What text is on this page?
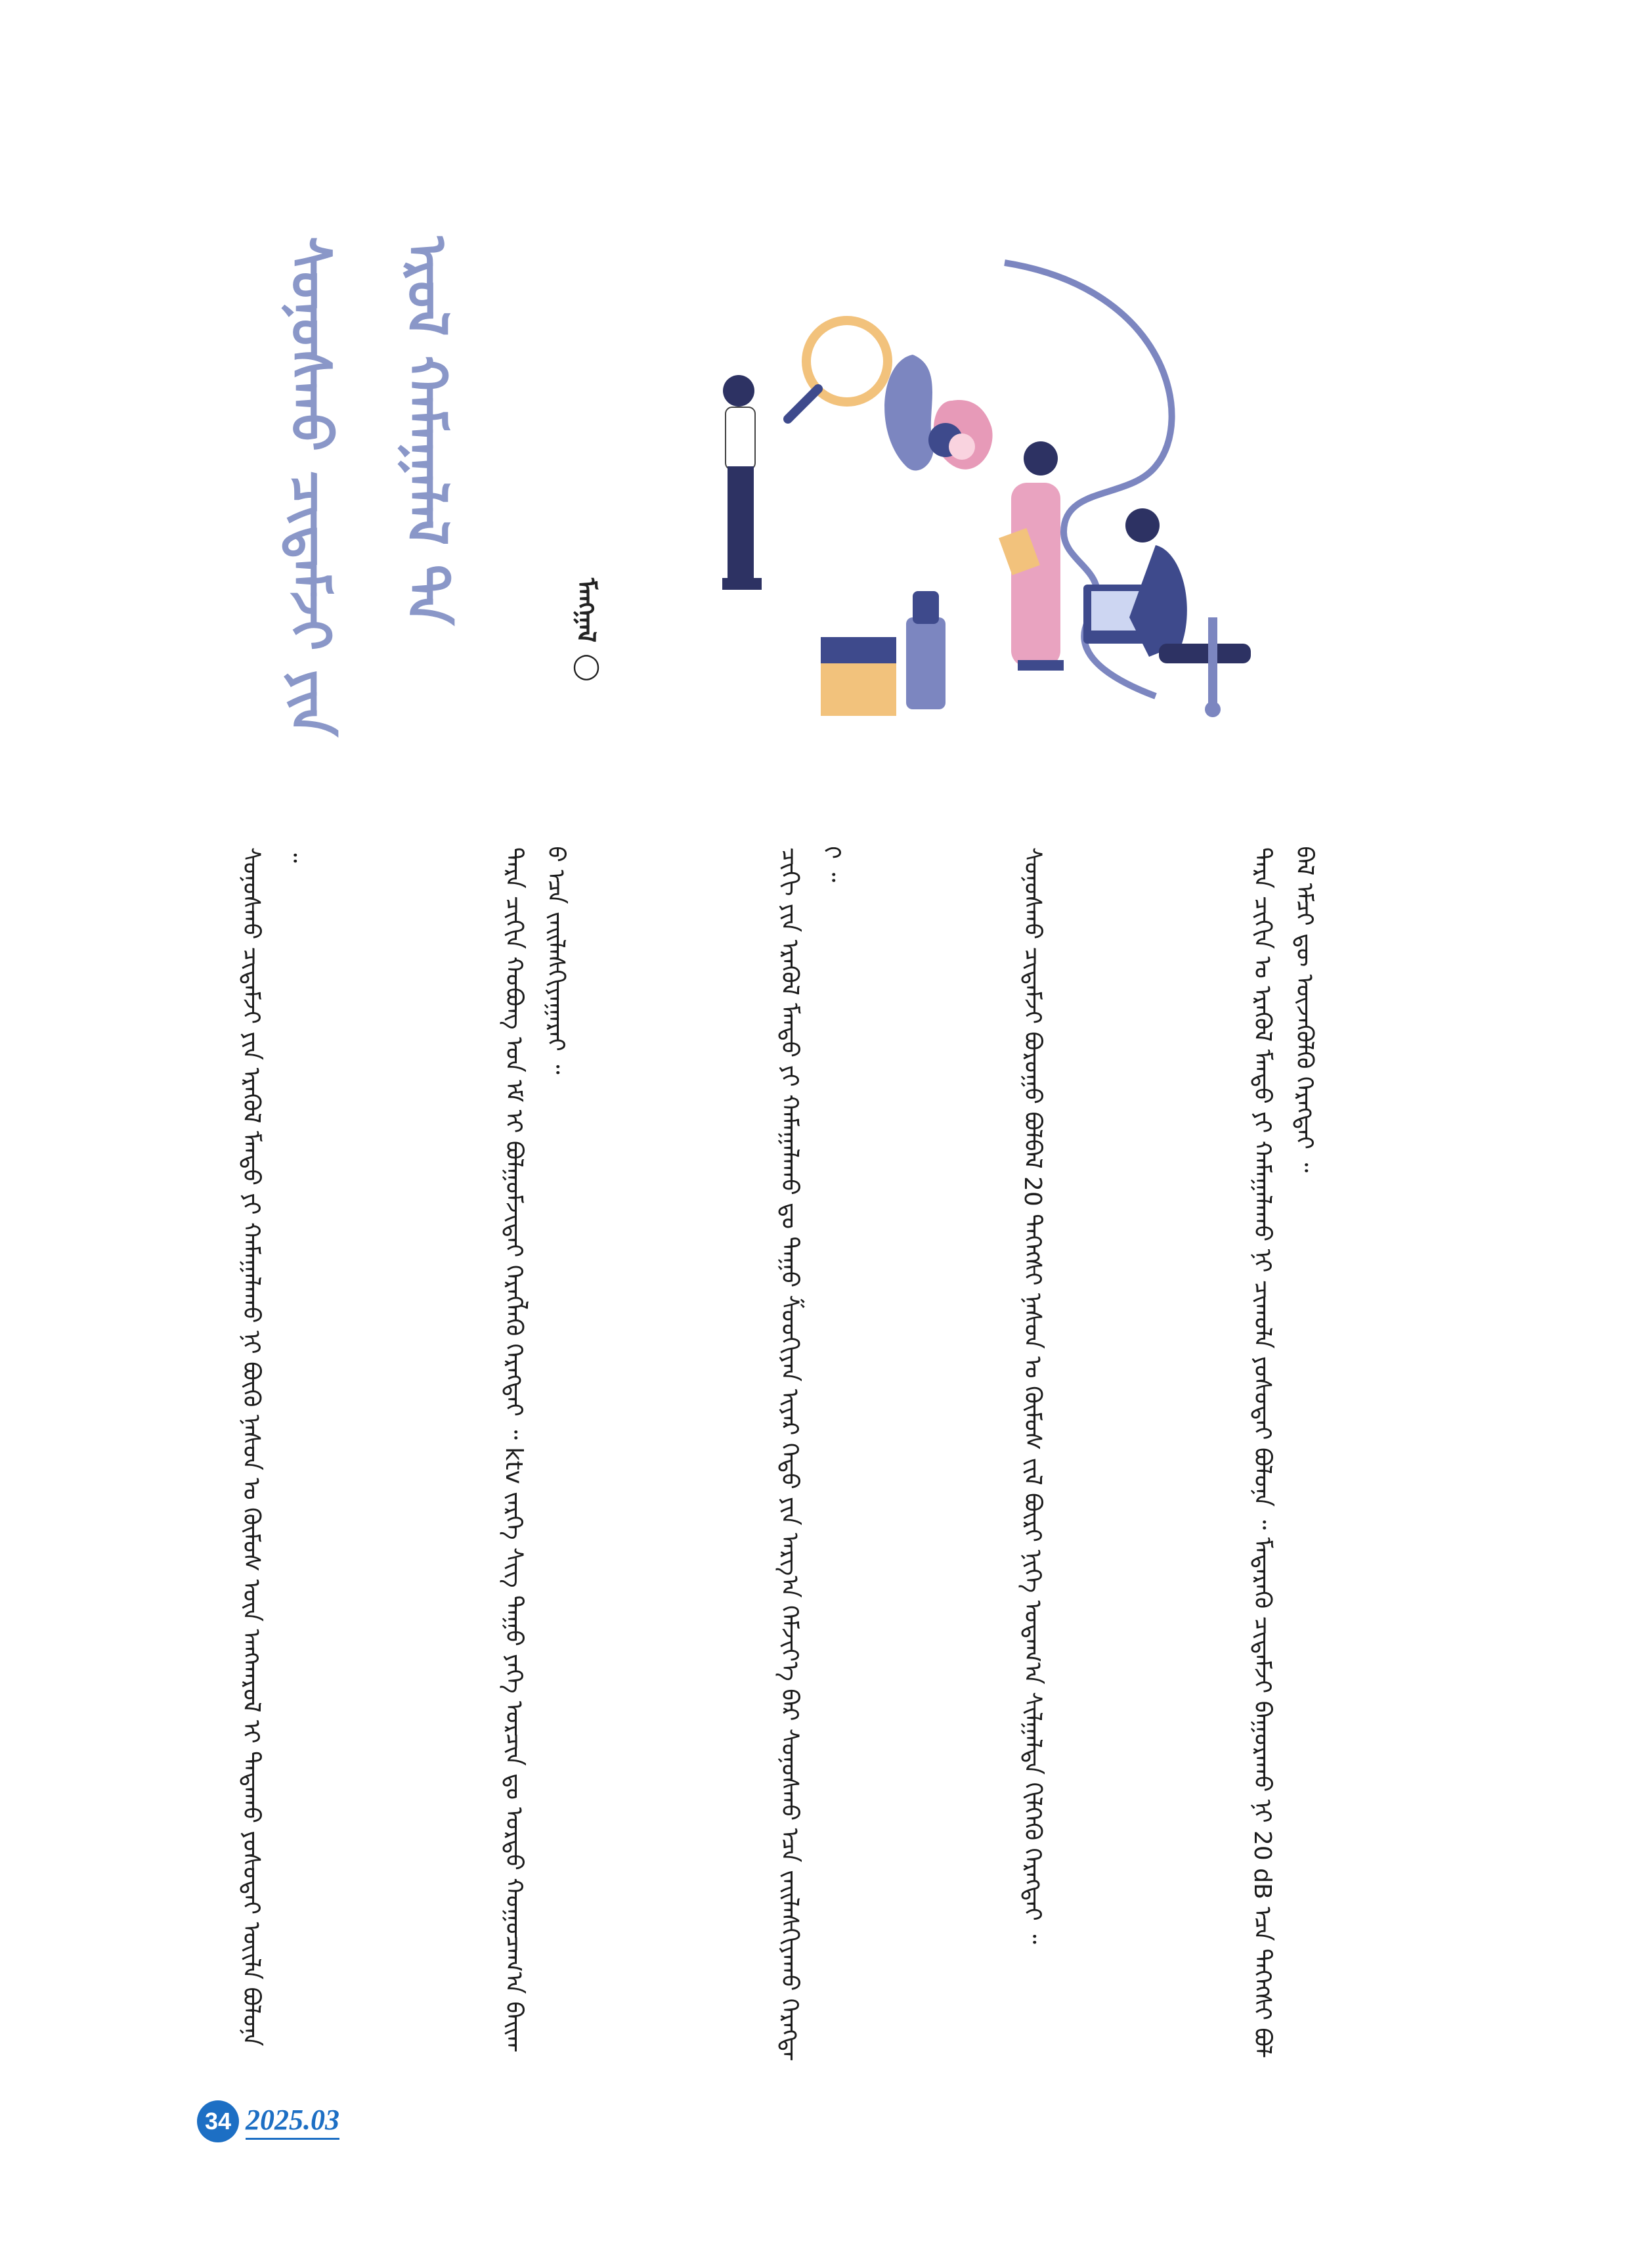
ᠰᠣᠨᠣᠰᠬᠤ ᠴᠢᠳᠠᠮᠵᠢ ᠶᠢᠨ ᠡᠷᠦᠯ ᠬᠠᠮᠠᠭᠠᠯᠠᠯ ᠲᠠ
ᠮᠠᠩᠭᠠᠯ ◯
ᠲᠡᠷᠡ ᠴᠢᠬᠢᠨ ᠤ ᠡᠷᠡᠭᠦᠯ ᠮᠡᠨᠳᠦ ᠶᠢ ᠬᠠᠮᠠᠭᠠᠯᠠᠬᠤ ᠨᠢ ᠴᠢᠬᠤᠯᠠ ᠶᠤᠰᠤᠲᠠᠢ ᠪᠣᠯᠤᠨᠠ ᠃ ᠮᠡᠳᠡᠷᠡᠬᠦ ᠴᠢᠳᠠᠮᠵᠢ ᠪᠠᠭᠤᠷᠠᠬᠤ ᠨᠢ 20 dB ᠡᠴᠡ ᠳᠡᠭᠡᠭᠰᠢ ᠪᠣᠯᠪᠠᠯ ᠡᠮᠴᠢ ᠳᠦ ᠦᠵᠡᠭᠦᠯᠬᠦ ᠬᠡᠷᠡᠭᠲᠡᠢ ᠃
ᠰᠣᠨᠣᠰᠬᠤ ᠴᠢᠳᠠᠮᠵᠢ ᠪᠤᠷᠤᠭᠤ ᠪᠣᠯᠪᠠᠯ 20 ᠳᠡᠭᠡᠭᠰᠢ ᠨᠠᠰᠤᠨ ᠤ ᠬᠦᠮᠦᠰ ᠵᠢᠯ ᠪᠦᠷᠢ ᠨᠢᠭᠡ ᠤᠳᠠᠭ᠎ᠠ ᠰᠢᠯᠭᠠᠯᠲᠠ ᠬᠢᠯᠭᠡᠬᠦ ᠬᠡᠷᠡᠭᠲᠡᠢ ᠃
ᠴᠢᠬᠢ ᠶᠢᠨ ᠡᠷᠡᠭᠦᠯ ᠮᠡᠨᠳᠦ ᠶᠢ ᠬᠠᠮᠠᠭᠠᠯᠠᠬᠤ ᠳᠤ ᠳᠠᠭᠤ ᠱᠤᠤᠭᠢᠶᠠᠨ ᠢᠶᠠᠷ ᠬᠡᠲᠦ ᠶᠢᠨ ᠠᠷᠭ᠎ᠠ ᠬᠡᠮᠵᠢᠶ᠎ᠡ ᠪᠠᠷ ᠰᠣᠨᠣᠰᠬᠤ ᠡᠴᠡ ᠵᠠᠢᠯᠠᠰᠬᠢᠶᠠᠬᠤ ᠬᠡᠷᠡᠭᠲᠡᠢ ᠃
ᠲᠡᠷᠡ ᠴᠢᠬᠢᠨ ᠬᠣᠪᠣᠩ ᠤᠨ ᠡᠮ ᠢ ᠪᠣᠯᠭᠣᠮᠵᠢᠲᠠᠢ ᠬᠡᠷᠡᠭᠯᠡᠬᠦ ᠬᠡᠷᠡᠭᠲᠡᠢ ᠃ ktv ᠵᠡᠷᠭᠡ ᠰᠢᠭ ᠳᠠᠭᠤ ᠶᠡᠬᠡ ᠣᠷᠴᠢᠨ ᠳᠤ ᠤᠷᠲᠤ ᠬᠤᠭᠤᠴᠠᠭ᠎ᠠ ᠪᠠᠢᠬᠤ ᠡᠴᠡ ᠵᠠᠢᠯᠠᠰᠬᠢᠶᠠᠭᠠᠷᠠᠢ ᠃
ᠰᠣᠨᠣᠰᠬᠤ ᠴᠢᠳᠠᠮᠵᠢ ᠶᠢᠨ ᠡᠷᠡᠭᠦᠯ ᠮᠡᠨᠳᠦ ᠶᠢ ᠬᠠᠮᠠᠭᠠᠯᠠᠬᠤ ᠨᠢ ᠪᠦᠬᠦ ᠨᠠᠰᠤᠨ ᠤ ᠬᠦᠮᠦᠰ ᠦᠨ ᠠᠩᠬᠠᠷᠤᠯ ᠢ ᠲᠠᠲᠠᠬᠤ ᠶᠣᠰᠣᠲᠠᠢ ᠦᠢᠯᠡ ᠪᠣᠯᠤᠨᠠ ᠃
34 2025.03
